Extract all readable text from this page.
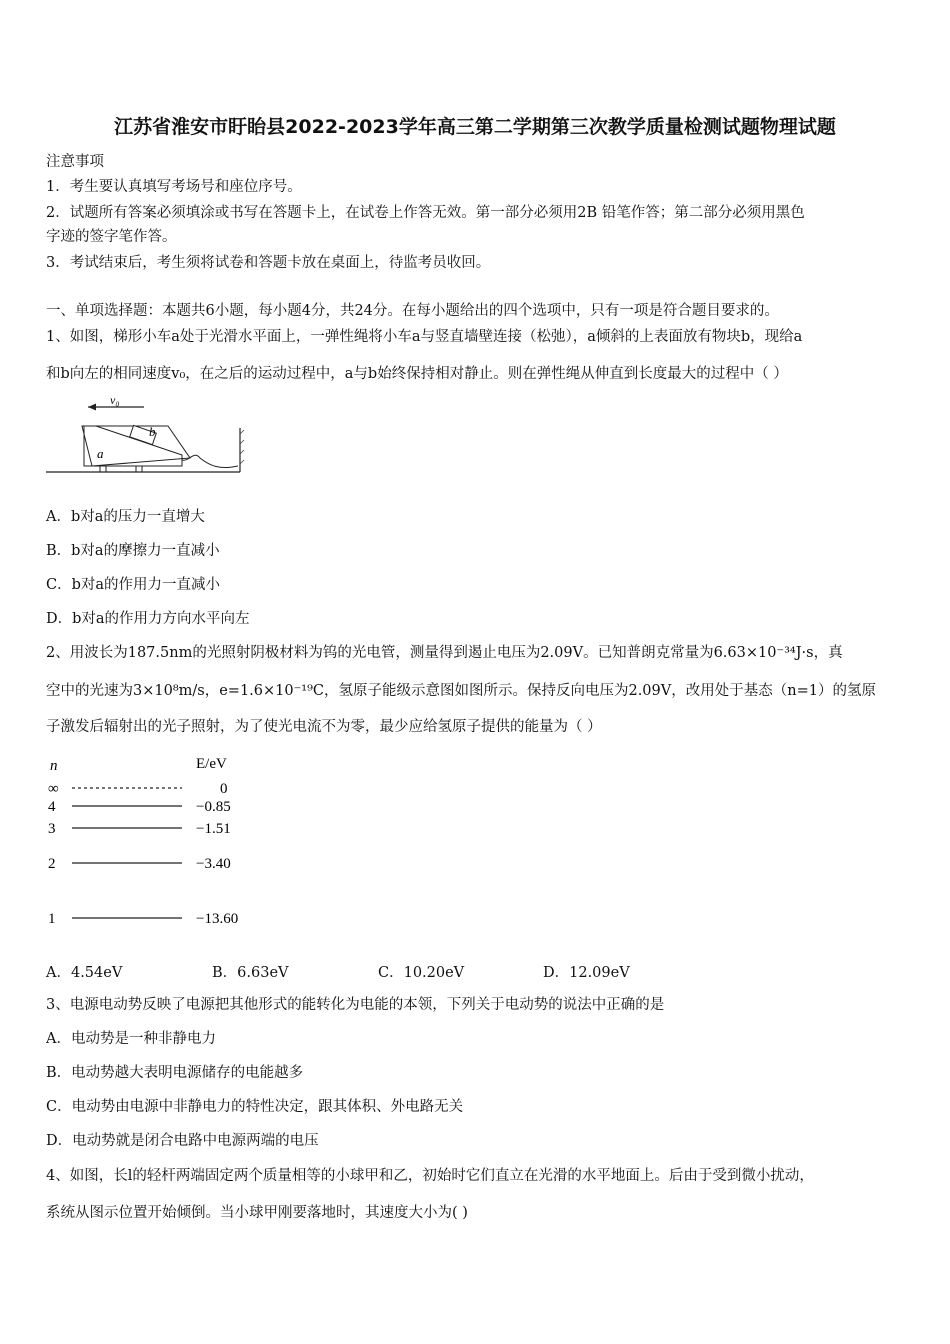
江苏省淮安市盱眙县2022-2023学年高三第二学期第三次教学质量检测试题物理试题
注意事项
1．考生要认真填写考场号和座位序号。
2．试题所有答案必须填涂或书写在答题卡上，在试卷上作答无效。第一部分必须用2B 铅笔作答；第二部分必须用黑色
字迹的签字笔作答。
3．考试结束后，考生须将试卷和答题卡放在桌面上，待监考员收回。
一、单项选择题：本题共6小题，每小题4分，共24分。在每小题给出的四个选项中，只有一项是符合题目要求的。
1、如图，梯形小车a处于光滑水平面上，一弹性绳将小车a与竖直墙壁连接（松弛），a倾斜的上表面放有物块b，现给a
和b向左的相同速度v₀，在之后的运动过程中，a与b始终保持相对静止。则在弹性绳从伸直到长度最大的过程中（ ）
v₀
b
a
A．b对a的压力一直增大
B．b对a的摩擦力一直减小
C．b对a的作用力一直减小
D．b对a的作用力方向水平向左
2、用波长为187.5nm的光照射阴极材料为钨的光电管，测量得到遏止电压为2.09V。已知普朗克常量为6.63×10⁻³⁴J·s，真
空中的光速为3×10⁸m/s，e=1.6×10⁻¹⁹C，氢原子能级示意图如图所示。保持反向电压为2.09V，改用处于基态（n=1）的氢原
子激发后辐射出的光子照射，为了使光电流不为零，最少应给氢原子提供的能量为（ ）
n	E/eV
∞	0
4	−0.85
3	−1.51
2	−3.40
1	−13.60
A．4.54eV	B．6.63eV	C．10.20eV	D．12.09eV
3、电源电动势反映了电源把其他形式的能转化为电能的本领，下列关于电动势的说法中正确的是
A．电动势是一种非静电力
B．电动势越大表明电源储存的电能越多
C．电动势由电源中非静电力的特性决定，跟其体积、外电路无关
D．电动势就是闭合电路中电源两端的电压
4、如图，长l的轻杆两端固定两个质量相等的小球甲和乙，初始时它们直立在光滑的水平地面上。后由于受到微小扰动，
系统从图示位置开始倾倒。当小球甲刚要落地时，其速度大小为( )
